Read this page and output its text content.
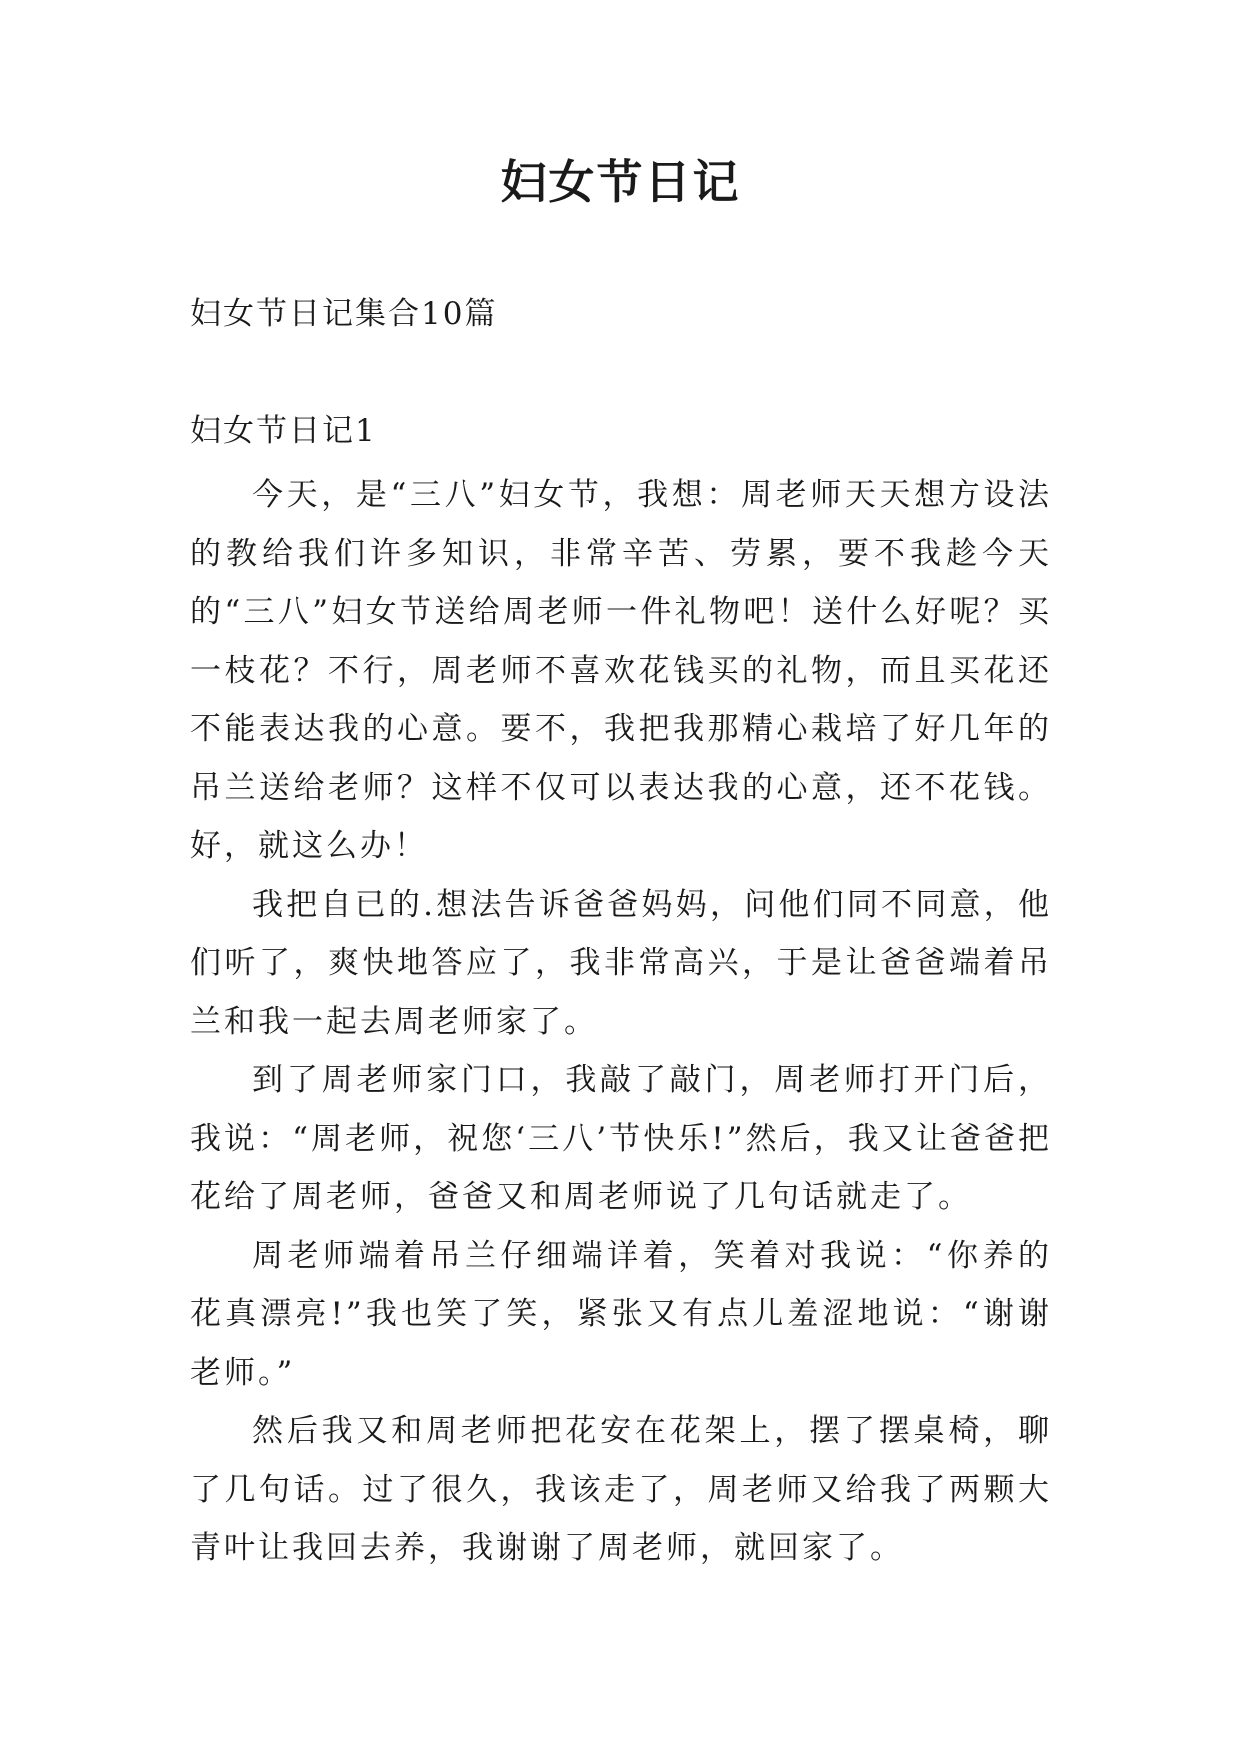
妇女节日记
妇女节日记集合10篇
妇女节日记1

今天，是“三八”妇女节，我想：周老师天天想方设法的教给我们许多知识，非常辛苦、劳累，要不我趁今天的“三八”妇女节送给周老师一件礼物吧！送什么好呢？买一枝花？不行，周老师不喜欢花钱买的礼物，而且买花还不能表达我的心意。要不，我把我那精心栽培了好几年的吊兰送给老师？这样不仅可以表达我的心意，还不花钱。好，就这么办！

我把自已的.想法告诉爸爸妈妈，问他们同不同意，他们听了，爽快地答应了，我非常高兴，于是让爸爸端着吊兰和我一起去周老师家了。

到了周老师家门口，我敲了敲门，周老师打开门后，我说：“周老师，祝您‘三八’节快乐!”然后，我又让爸爸把花给了周老师，爸爸又和周老师说了几句话就走了。

周老师端着吊兰仔细端详着，笑着对我说：“你养的花真漂亮!”我也笑了笑，紧张又有点儿羞涩地说：“谢谢老师。”

然后我又和周老师把花安在花架上，摆了摆桌椅，聊了几句话。过了很久，我该走了，周老师又给我了两颗大青叶让我回去养，我谢谢了周老师，就回家了。
